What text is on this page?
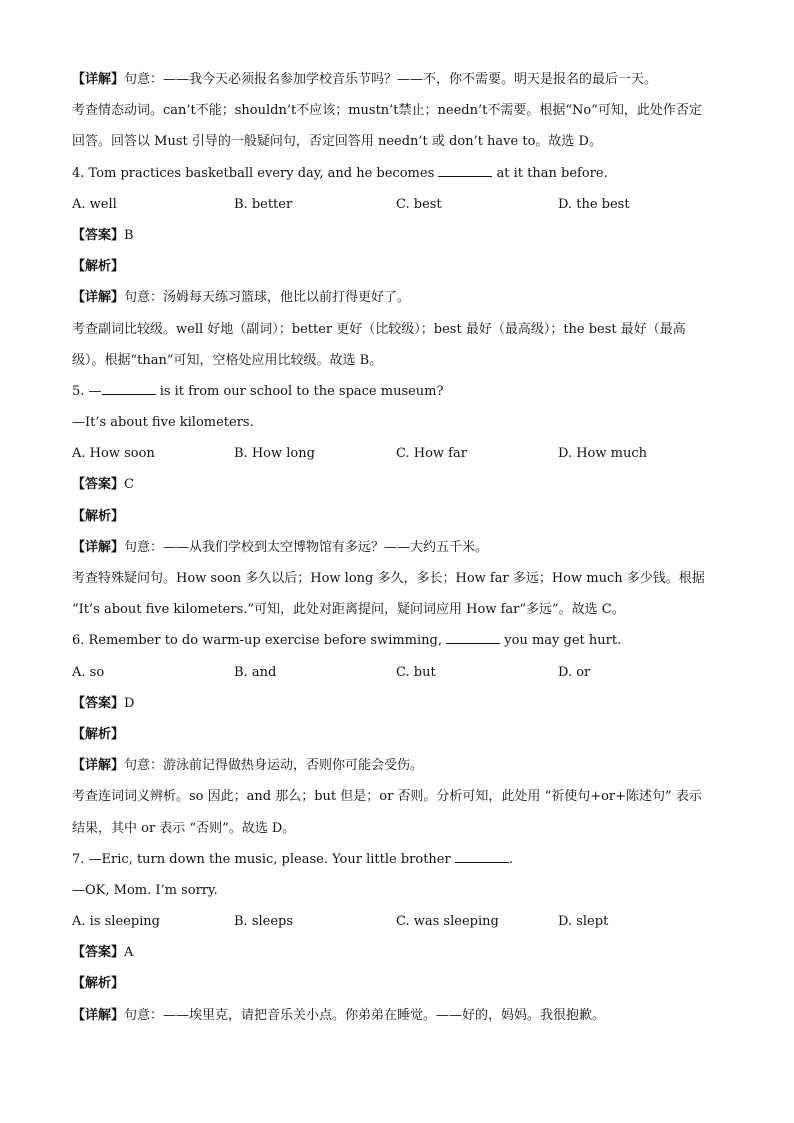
【详解】句意：——我今天必须报名参加学校音乐节吗？——不，你不需要。明天是报名的最后一天。
考查情态动词。can’t不能；shouldn’t不应该；mustn’t禁止；needn’t不需要。根据“No”可知，此处作否定
回答。回答以 Must 引导的一般疑问句，否定回答用 needn’t 或 don’t have to。故选 D。
4. Tom practices basketball every day, and he becomes	at it than before.
A. well	B. better	C. best	D. the best
【答案】B
【解析】
【详解】句意：汤姆每天练习篮球，他比以前打得更好了。
考查副词比较级。well 好地（副词）；better 更好（比较级）；best 最好（最高级）；the best 最好（最高
级）。根据“than”可知，空格处应用比较级。故选 B。
5. —	is it from our school to the space museum?
—It’s about five kilometers.
A. How soon	B. How long	C. How far	D. How much
【答案】C
【解析】
【详解】句意：——从我们学校到太空博物馆有多远？——大约五千米。
考查特殊疑问句。How soon 多久以后；How long 多久，多长；How far 多远；How much 多少钱。根据
“It’s about five kilometers.”可知，此处对距离提问，疑问词应用 How far“多远”。故选 C。
6. Remember to do warm-up exercise before swimming,	you may get hurt.
A. so	B. and	C. but	D. or
【答案】D
【解析】
【详解】句意：游泳前记得做热身运动，否则你可能会受伤。
考查连词词义辨析。so 因此；and 那么；but 但是；or 否则。分析可知，此处用 “祈使句+or+陈述句” 表示
结果，其中 or 表示 “否则”。故选 D。
7. —Eric, turn down the music, please. Your little brother	.
—OK, Mom. I’m sorry.
A. is sleeping	B. sleeps	C. was sleeping	D. slept
【答案】A
【解析】
【详解】句意：——埃里克，请把音乐关小点。你弟弟在睡觉。——好的，妈妈。我很抱歉。
